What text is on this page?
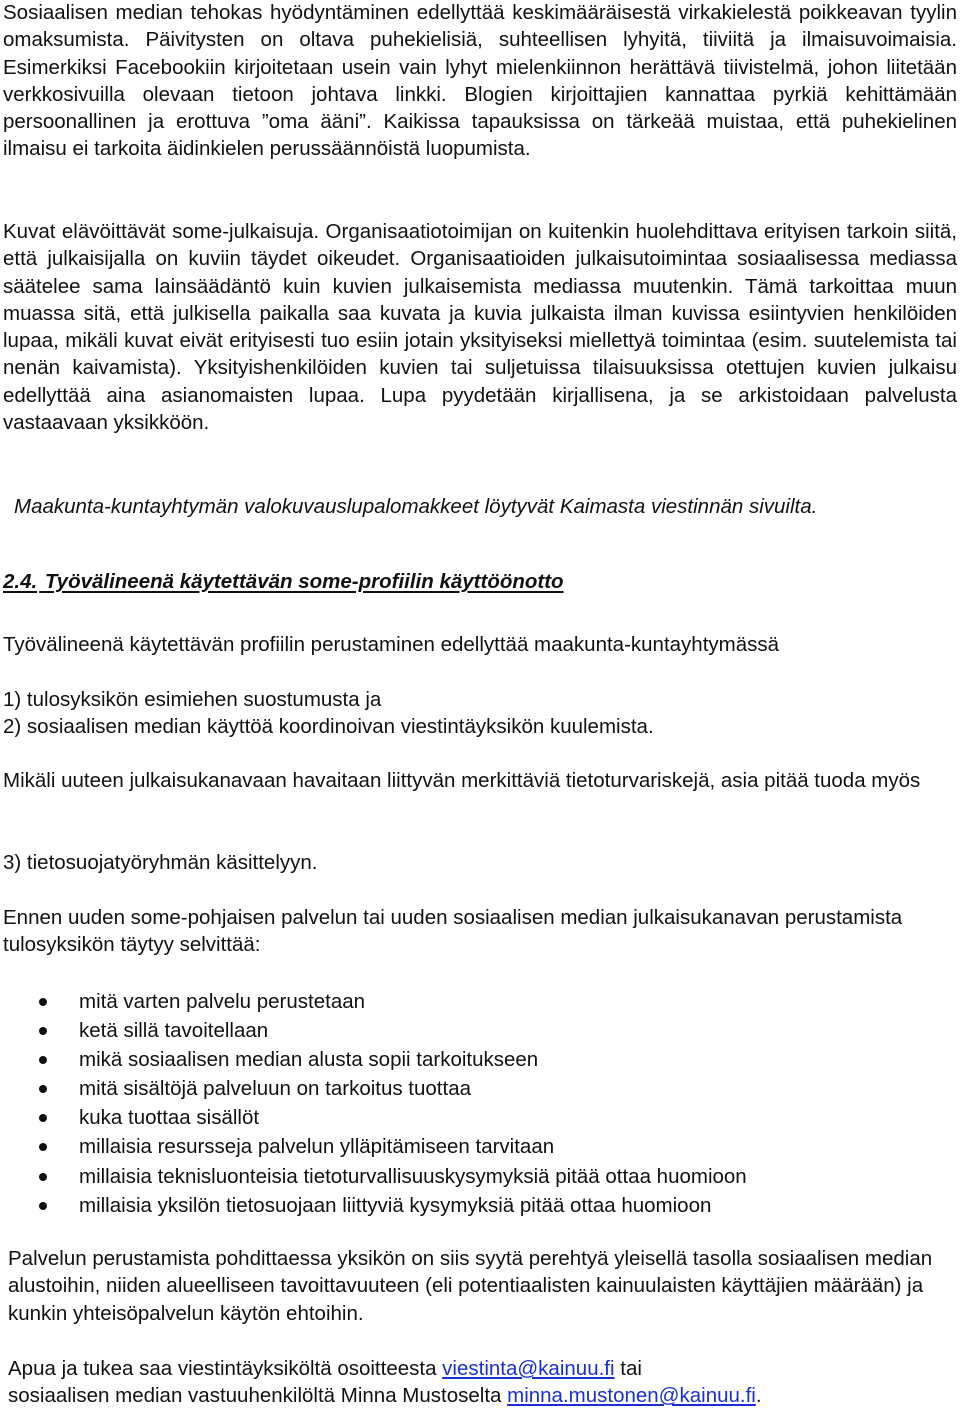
Sosiaalisen median tehokas hyödyntäminen edellyttää keskimääräisestä virkakielestä poikkeavan tyylin omaksumista. Päivitysten on oltava puhekielisiä, suhteellisen lyhyitä, tiiviitä ja ilmaisuvoimaisia. Esimerkiksi Facebookiin kirjoitetaan usein vain lyhyt mielenkiinnon herättävä tiivistelmä, johon liitetään verkkosivuilla olevaan tietoon johtava linkki. Blogien kirjoittajien kannattaa pyrkiä kehittämään persoonallinen ja erottuva ”oma ääni”. Kaikissa tapauksissa on tärkeää muistaa, että puhekielinen ilmaisu ei tarkoita äidinkielen perussäännöistä luopumista.

Kuvat elävöittävät some-julkaisuja. Organisaatiotoimijan on kuitenkin huolehdittava erityisen tarkoin siitä, että julkaisijalla on kuviin täydet oikeudet. Organisaatioiden julkaisutoimintaa sosiaalisessa mediassa säätelee sama lainsäädäntö kuin kuvien julkaisemista mediassa muutenkin. Tämä tarkoittaa muun muassa sitä, että julkisella paikalla saa kuvata ja kuvia julkaista ilman kuvissa esiintyvien henkilöiden lupaa, mikäli kuvat eivät erityisesti tuo esiin jotain yksityiseksi miellettyä toimintaa (esim. suutelemista tai nenän kaivamista). Yksityishenkilöiden kuvien tai suljetuissa tilaisuuksissa otettujen kuvien julkaisu edellyttää aina asianomaisten lupaa. Lupa pyydetään kirjallisena, ja se arkistoidaan palvelusta vastaavaan yksikköön.

Maakunta-kuntayhtymän valokuvauslupalomakkeet löytyvät Kaimasta viestinnän sivuilta.

2.4. Työvälineenä käytettävän some-profiilin käyttöönotto

Työvälineenä käytettävän profiilin perustaminen edellyttää maakunta-kuntayhtymässä

1) tulosyksikön esimiehen suostumusta ja
2) sosiaalisen median käyttöä koordinoivan viestintäyksikön kuulemista.

Mikäli uuteen julkaisukanavaan havaitaan liittyvän merkittäviä tietoturvariskejä, asia pitää tuoda myös

3) tietosuojatyöryhmän käsittelyyn.

Ennen uuden some-pohjaisen palvelun tai uuden sosiaalisen median julkaisukanavan perustamista tulosyksikön täytyy selvittää:

mitä varten palvelu perustetaan
ketä sillä tavoitellaan
mikä sosiaalisen median alusta sopii tarkoitukseen
mitä sisältöjä palveluun on tarkoitus tuottaa
kuka tuottaa sisällöt
millaisia resursseja palvelun ylläpitämiseen tarvitaan
millaisia teknisluonteisia tietoturvallisuuskysymyksiä pitää ottaa huomioon
millaisia yksilön tietosuojaan liittyviä kysymyksiä pitää ottaa huomioon

Palvelun perustamista pohdittaessa yksikön on siis syytä perehtyä yleisellä tasolla sosiaalisen median alustoihin, niiden alueelliseen tavoittavuuteen (eli potentiaalisten kainuulaisten käyttäjien määrään) ja kunkin yhteisöpalvelun käytön ehtoihin.

Apua ja tukea saa viestintäyksiköltä osoitteesta viestinta@kainuu.fi tai
sosiaalisen median vastuuhenkilöltä Minna Mustoselta minna.mustonen@kainuu.fi.
